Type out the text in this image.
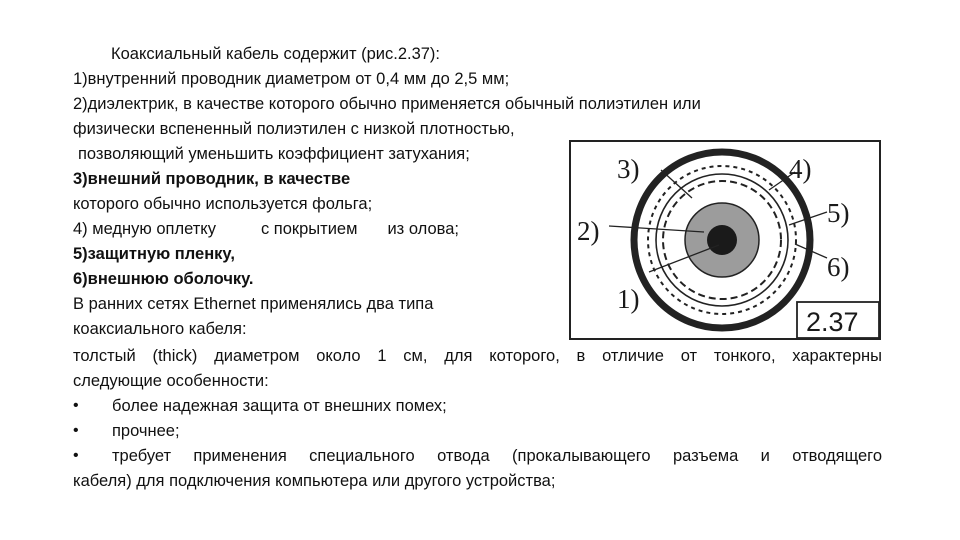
Коаксиальный кабель содержит (рис.2.37):
1)внутренний проводник диаметром от 0,4 мм до 2,5 мм;
2)диэлектрик, в качестве которого обычно применяется обычный полиэтилен или
физически вспененный полиэтилен с низкой плотностью,
позволяющий уменьшить коэффициент затухания;
3)внешний проводник, в качестве
которого обычно используется фольга;
4) медную оплетку	с покрытием из олова;
5)защитную пленку,
6)внешнюю оболочку.
В ранних сетях Ethernet применялись два типа
коаксиального кабеля:
толстый (thick) диаметром около 1 см, для которого, в отличие от тонкого, характерны
следующие особенности:
• более надежная защита от внешних помех;
• прочнее;
• требует применения специального отвода (прокалывающего разъема и отводящего
кабеля) для подключения компьютера или другого устройства;
1)
2)
3)	4)
5)
6)
2.37
